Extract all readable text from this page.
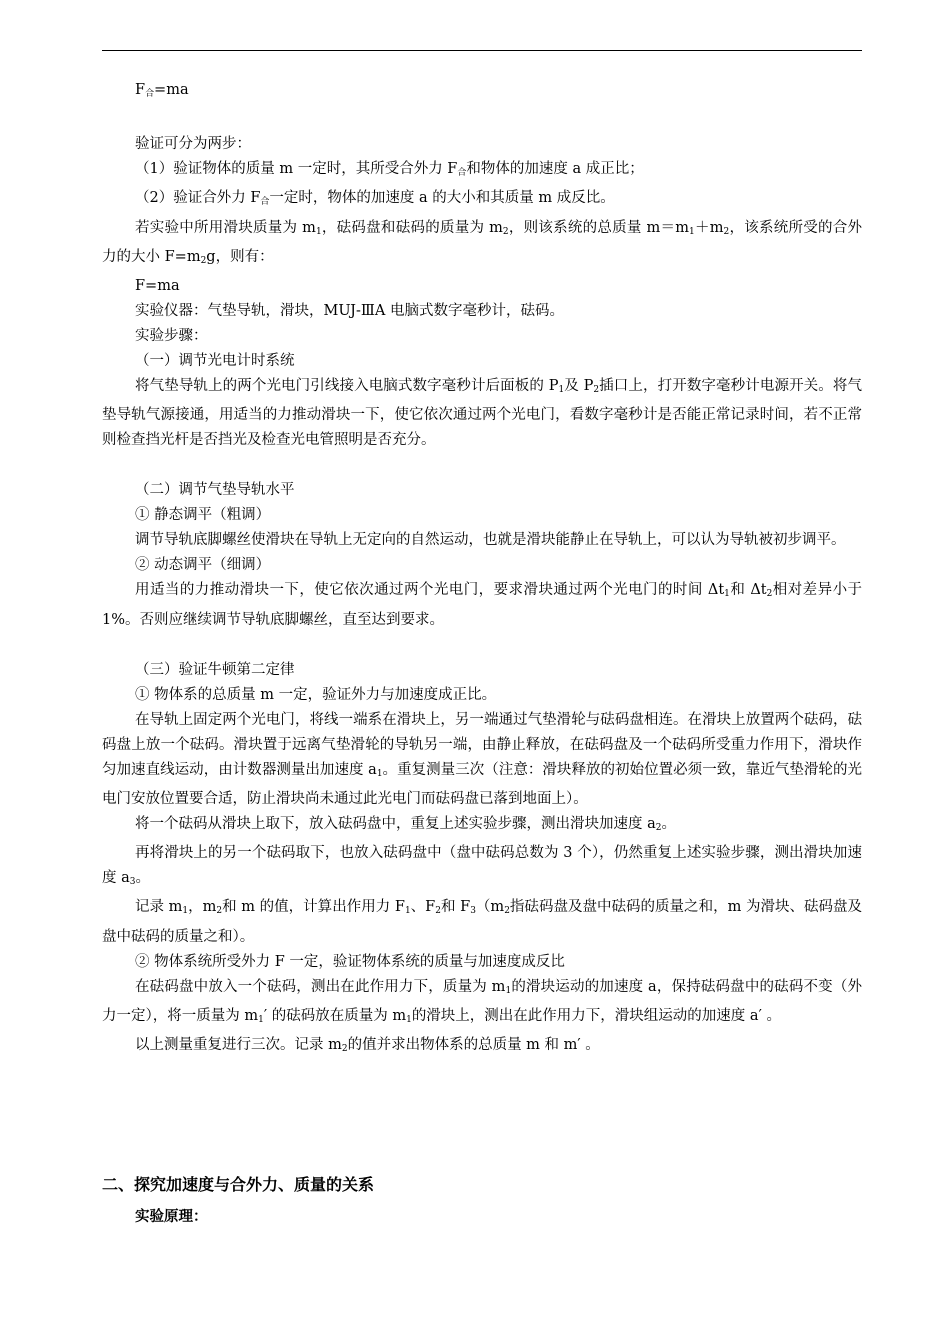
$F_合=ma$

验证可分为两步：

（1）验证物体的质量 m 一定时，其所受合外力 $F_合$和物体的加速度 a 成正比；

（2）验证合外力 $F_合$一定时，物体的加速度 a 的大小和其质量 m 成反比。

若实验中所用滑块质量为 $m_1$，砝码盘和砝码的质量为 $m_2$，则该系统的总质量 $m=m_1+m_2$，该系统所受的合外力的大小 $F=m_2g$，则有：

F=ma

实验仪器：气垫导轨，滑块，MUJ-ⅢA 电脑式数字毫秒计，砝码。

实验步骤：

（一）调节光电计时系统

将气垫导轨上的两个光电门引线接入电脑式数字毫秒计后面板的 $P_1$及 $P_2$插口上，打开数字毫秒计电源开关。将气垫导轨气源接通，用适当的力推动滑块一下，使它依次通过两个光电门，看数字毫秒计是否能正常记录时间，若不正常则检查挡光杆是否挡光及检查光电管照明是否充分。

（二）调节气垫导轨水平

① 静态调平（粗调）

调节导轨底脚螺丝使滑块在导轨上无定向的自然运动，也就是滑块能静止在导轨上，可以认为导轨被初步调平。

② 动态调平（细调）

用适当的力推动滑块一下，使它依次通过两个光电门，要求滑块通过两个光电门的时间 $\Delta t_1$和 $\Delta t_2$相对差异小于 1%。否则应继续调节导轨底脚螺丝，直至达到要求。

（三）验证牛顿第二定律

① 物体系的总质量 m 一定，验证外力与加速度成正比。

在导轨上固定两个光电门，将线一端系在滑块上，另一端通过气垫滑轮与砝码盘相连。在滑块上放置两个砝码，砝码盘上放一个砝码。滑块置于远离气垫滑轮的导轨另一端，由静止释放，在砝码盘及一个砝码所受重力作用下，滑块作匀加速直线运动，由计数器测量出加速度 $a_1$。重复测量三次（注意：滑块释放的初始位置必须一致，靠近气垫滑轮的光电门安放位置要合适，防止滑块尚未通过此光电门而砝码盘已落到地面上）。

将一个砝码从滑块上取下，放入砝码盘中，重复上述实验步骤，测出滑块加速度 $a_2$。

再将滑块上的另一个砝码取下，也放入砝码盘中（盘中砝码总数为 3 个），仍然重复上述实验步骤，测出滑块加速度 $a_3$。

记录 $m_1$，$m_2$和 m 的值，计算出作用力 $F_1$、$F_2$和 $F_3(m_2$指砝码盘及盘中砝码的质量之和，m 为滑块、砝码盘及盘中砝码的质量之和）。

② 物体系统所受外力 F 一定，验证物体系统的质量与加速度成反比

在砝码盘中放入一个砝码，测出在此作用力下，质量为 $m_1$的滑块运动的加速度 a，保持砝码盘中的砝码不变（外力一定），将一质量为 $m_1'$ 的砝码放在质量为 $m_1$的滑块上，测出在此作用力下，滑块组运动的加速度 a′ 。

以上测量重复进行三次。记录 $m_2$的值并求出物体系的总质量 m 和 m′ 。

二、探究加速度与合外力、质量的关系

实验原理：
